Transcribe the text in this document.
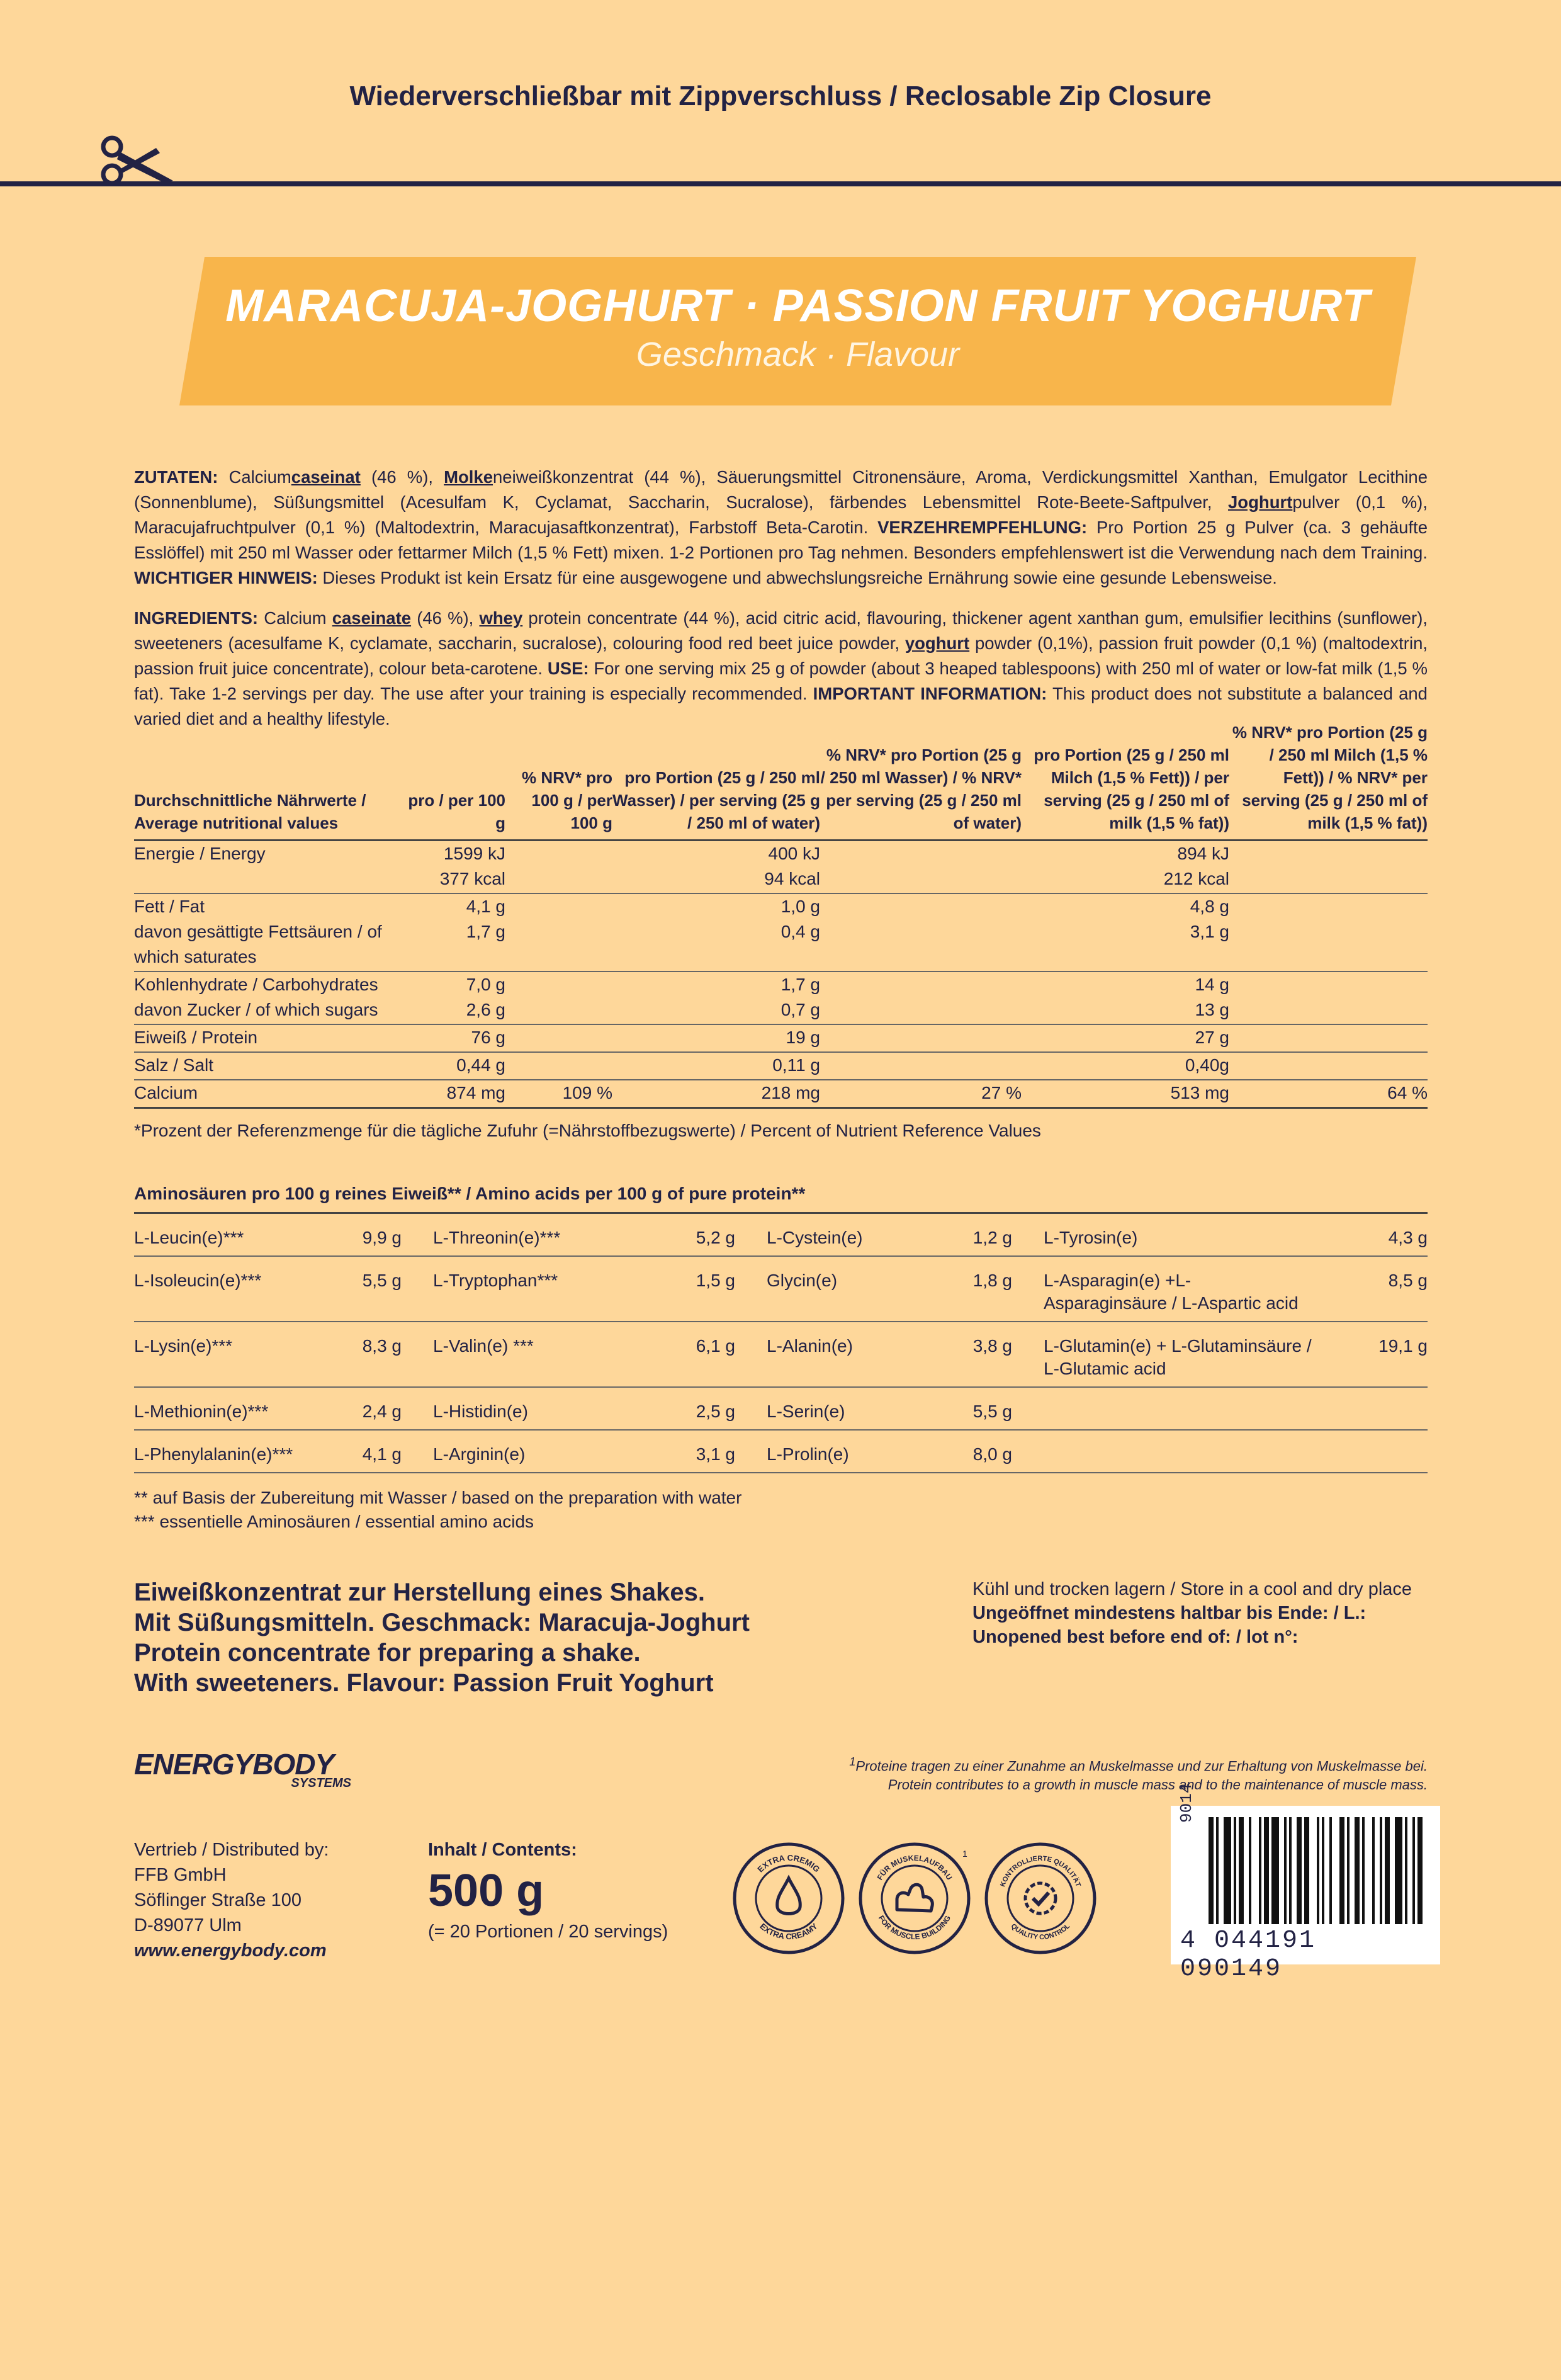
Wiederverschließbar mit Zippverschluss / Reclosable Zip Closure
MARACUJA-JOGHURT · PASSION FRUIT YOGHURT
Geschmack · Flavour
ZUTATEN: Calciumcaseinat (46 %), Molkeneiweißkonzentrat (44 %), Säuerungsmittel Citronensäure, Aroma, Verdickungsmittel Xanthan, Emulgator Lecithine (Sonnenblume), Süßungsmittel (Acesulfam K, Cyclamat, Saccharin, Sucralose), färbendes Lebensmittel Rote-Beete-Saftpulver, Joghurtpulver (0,1 %), Maracujafruchtpulver (0,1 %) (Maltodextrin, Maracujasaftkonzentrat), Farbstoff Beta-Carotin. VERZEHREMPFEHLUNG: Pro Portion 25 g Pulver (ca. 3 gehäufte Esslöffel) mit 250 ml Wasser oder fettarmer Milch (1,5 % Fett) mixen. 1-2 Portionen pro Tag nehmen. Besonders empfehlenswert ist die Verwendung nach dem Training. WICHTIGER HINWEIS: Dieses Produkt ist kein Ersatz für eine ausgewogene und abwechslungsreiche Ernährung sowie eine gesunde Lebensweise.
INGREDIENTS: Calcium caseinate (46 %), whey protein concentrate (44 %), acid citric acid, flavouring, thickener agent xanthan gum, emulsifier lecithins (sunflower), sweeteners (acesulfame K, cyclamate, saccharin, sucralose), colouring food red beet juice powder, yoghurt powder (0,1%), passion fruit powder (0,1 %) (maltodextrin, passion fruit juice concentrate), colour beta-carotene. USE: For one serving mix 25 g of powder (about 3 heaped tablespoons) with 250 ml of water or low-fat milk (1,5 % fat). Take 1-2 servings per day. The use after your training is especially recommended. IMPORTANT INFORMATION: This product does not substitute a balanced and varied diet and a healthy lifestyle.
Durchschnittliche Nährwerte / Average nutritional values	pro / per 100 g	% NRV* pro 100 g / per 100 g	pro Portion (25 g / 250 ml Wasser) / per serving (25 g / 250 ml of water)	% NRV* pro Portion (25 g / 250 ml Wasser) / % NRV* per serving (25 g / 250 ml of water)	pro Portion (25 g / 250 ml Milch (1,5 % Fett)) / per serving (25 g / 250 ml of milk (1,5 % fat))	% NRV* pro Portion (25 g / 250 ml Milch (1,5 % Fett)) / % NRV* per serving (25 g / 250 ml of milk (1,5 % fat))
Energie / Energy	1599 kJ		400 kJ		894 kJ	
	377 kcal		94 kcal		212 kcal	
Fett / Fat	4,1 g		1,0 g		4,8 g	
davon gesättigte Fettsäuren / of which saturates	1,7 g		0,4 g		3,1 g	
Kohlenhydrate / Carbohydrates	7,0 g		1,7 g		14 g	
davon Zucker / of which sugars	2,6 g		0,7 g		13 g	
Eiweiß / Protein	76 g		19 g		27 g	
Salz / Salt	0,44 g		0,11 g		0,40g	
Calcium	874 mg	109 %	218 mg	27 %	513 mg	64 %
*Prozent der Referenzmenge für die tägliche Zufuhr (=Nährstoffbezugswerte) / Percent of Nutrient Reference Values
Aminosäuren pro 100 g reines Eiweiß** / Amino acids per 100 g of pure protein**
L-Leucin(e)***	9,9 g	L-Threonin(e)***	5,2 g	L-Cystein(e)	1,2 g	L-Tyrosin(e)	4,3 g
L-Isoleucin(e)***	5,5 g	L-Tryptophan***	1,5 g	Glycin(e)	1,8 g	L-Asparagin(e) +L-Asparaginsäure / L-Aspartic acid	8,5 g
L-Lysin(e)***	8,3 g	L-Valin(e) ***	6,1 g	L-Alanin(e)	3,8 g	L-Glutamin(e) + L-Glutaminsäure / L-Glutamic acid	19,1 g
L-Methionin(e)***	2,4 g	L-Histidin(e)	2,5 g	L-Serin(e)	5,5 g		
L-Phenylalanin(e)***	4,1 g	L-Arginin(e)	3,1 g	L-Prolin(e)	8,0 g		
** auf Basis der Zubereitung mit Wasser / based on the preparation with water
*** essentielle Aminosäuren / essential amino acids
Eiweißkonzentrat zur Herstellung eines Shakes.
Mit Süßungsmitteln. Geschmack: Maracuja-Joghurt
Protein concentrate for preparing a shake.
With sweeteners. Flavour: Passion Fruit Yoghurt
Kühl und trocken lagern / Store in a cool and dry place
Ungeöffnet mindestens haltbar bis Ende: / L.:
Unopened best before end of: / lot n°:
ENERGYBODY
SYSTEMS
$^1$Proteine tragen zu einer Zunahme an Muskelmasse und zur Erhaltung von Muskelmasse bei.
Protein contributes to a growth in muscle mass and to the maintenance of muscle mass.
Vertrieb / Distributed by:
FFB GmbH
Söflinger Straße 100
D-89077 Ulm
www.energybody.com
Inhalt / Contents:
500 g
(= 20 Portionen / 20 servings)
EXTRA CREMIG
EXTRA CREAMY
FÜR MUSKELAUFBAU
FOR MUSCLE BUILDING
1
KONTROLLIERTE QUALITÄT
QUALITY CONTROL
9014
4 044191 090149
